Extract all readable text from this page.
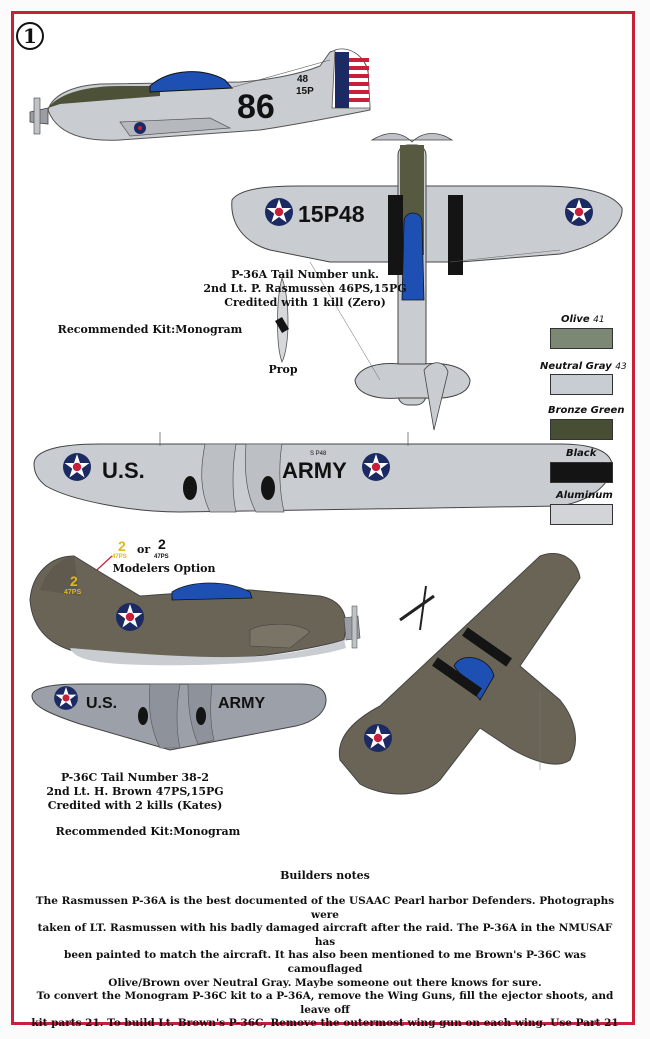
1
86
48
15P
15P48
Prop
U.S.	ARMY
S P48
2
47PS
or 2
47PS
Modelers Option
2
47PS
U.S.	ARMY
P-36A Tail Number unk.
2nd Lt. P. Rasmussen 46PS,15PG
Credited with 1 kill (Zero)
Recommended Kit:Monogram
P-36C Tail Number 38-2
2nd Lt. H. Brown 47PS,15PG
Credited with 2 kills (Kates)
Recommended Kit:Monogram
Olive 41
Neutral Gray 43
Bronze Green
Black
Aluminum
Builders notes

The Rasmussen P-36A is the best documented of the USAAC Pearl harbor Defenders. Photographs were

taken of LT. Rasmussen with his badly damaged aircraft after the raid. The P-36A in the NMUSAF has

been painted to match the aircraft. It has also been mentioned to me Brown's P-36C was camouflaged

Olive/Brown over Neutral Gray. Maybe someone out there knows for sure.

To convert the Monogram P-36C kit to a P-36A, remove the Wing Guns, fill the ejector shoots, and leave off

kit parts 21. To build Lt. Brown's P-36C, Remove the outermost wing gun on each wing. Use Part 21
